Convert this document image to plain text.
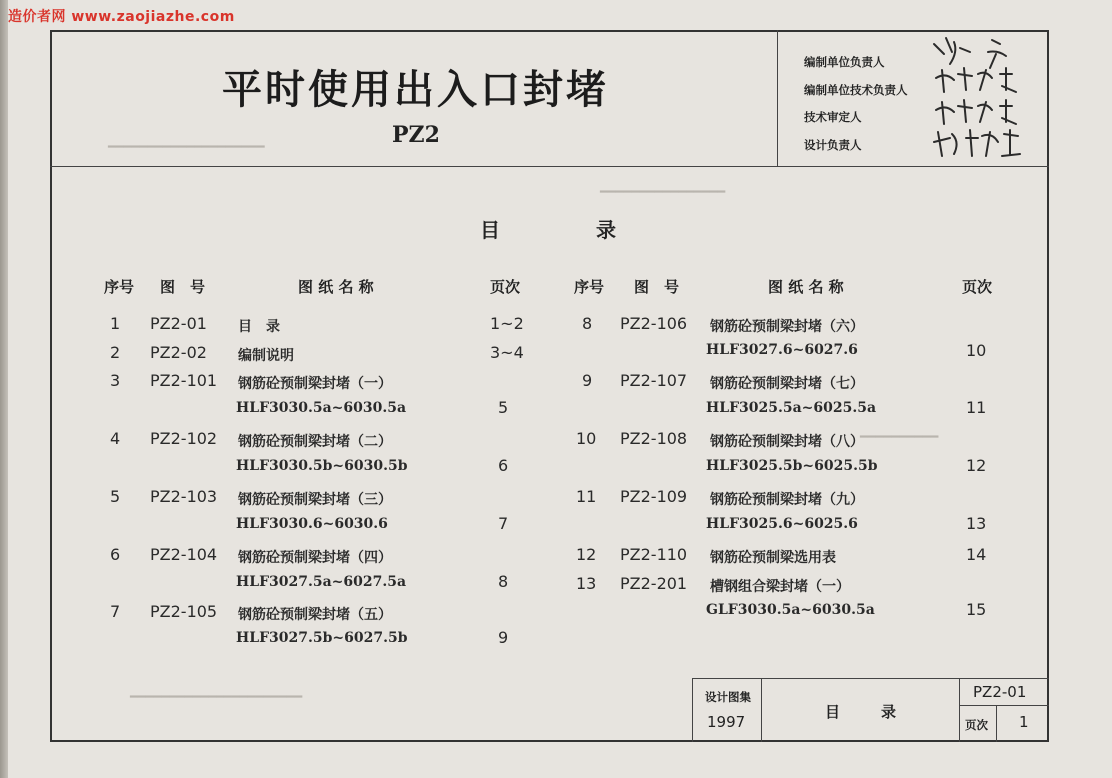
造价者网 www.zaojiazhe.com
━━━━━━━━━━━━━━━━━━━━
━━━━━━━━━━━━━━━━
━━━━━━━━━━
━━━━━━━━━━━━━━━━━━━━━━
平时使用出入口封堵
PZ2
编制单位负责人
编制单位技术负责人
技术审定人
设计负责人
目	录
序号 图　号	图 纸 名 称	页次	序号 图　号	图 纸 名 称	页次
1 PZ2-01 目　录	1~2
2 PZ2-02 编制说明	3~4
3 PZ2-101 钢筋砼预制梁封堵（一）
HLF3030.5a~6030.5a	5
4 PZ2-102 钢筋砼预制梁封堵（二）
HLF3030.5b~6030.5b	6
5 PZ2-103 钢筋砼预制梁封堵（三）
HLF3030.6~6030.6	7
6 PZ2-104 钢筋砼预制梁封堵（四）
HLF3027.5a~6027.5a	8
7 PZ2-105 钢筋砼预制梁封堵（五）
HLF3027.5b~6027.5b	9
8 PZ2-106 钢筋砼预制梁封堵（六）
HLF3027.6~6027.6	10
9 PZ2-107 钢筋砼预制梁封堵（七）
HLF3025.5a~6025.5a	11
10 PZ2-108 钢筋砼预制梁封堵（八）
HLF3025.5b~6025.5b	12
11 PZ2-109 钢筋砼预制梁封堵（九）
HLF3025.6~6025.6	13
12 PZ2-110 钢筋砼预制梁选用表	14
13 PZ2-201 槽钢组合梁封堵（一）
GLF3030.5a~6030.5a	15
设计图集
1997
目	录
PZ2-01
页次 1
